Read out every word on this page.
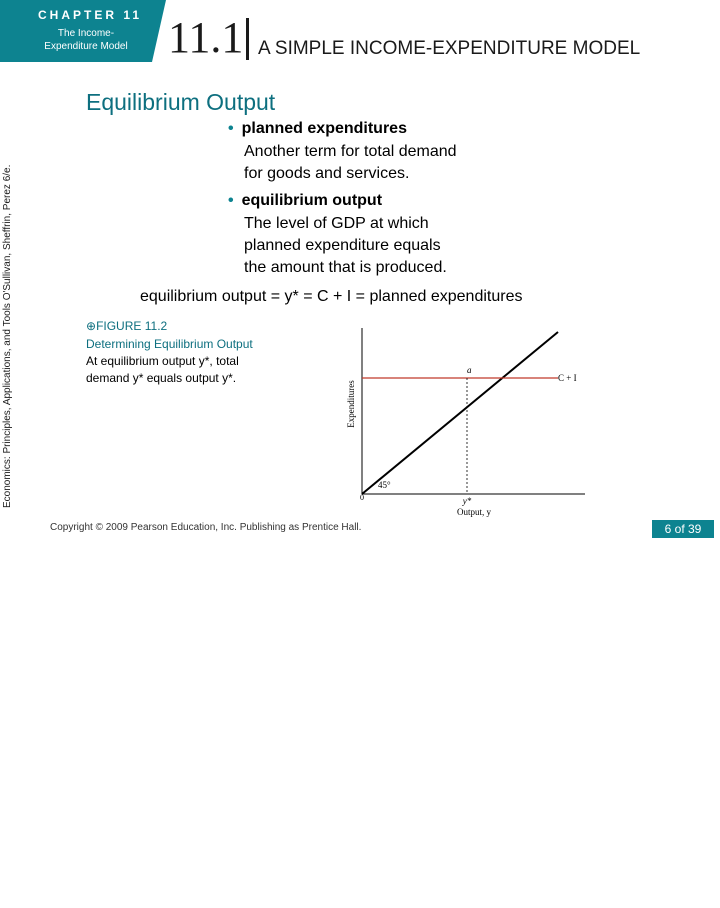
CHAPTER 11
The Income-Expenditure Model 11.1 A SIMPLE INCOME-EXPENDITURE MODEL
Economics: Principles, Applications, and Tools O'Sullivan, Sheffrin, Perez 6/e.
Equilibrium Output
• planned expenditures
Another term for total demand
for goods and services.
• equilibrium output
The level of GDP at which
planned expenditure equals
the amount that is produced.
equilibrium output = y* = C + I = planned expenditures
⊕FIGURE 11.2
Determining Equilibrium Output
At equilibrium output y*, total
demand y* equals output y*.
Expenditures
a
C + I
45°
0	y*
Output, y
Copyright © 2009 Pearson Education, Inc. Publishing as Prentice Hall.	6 of 39
